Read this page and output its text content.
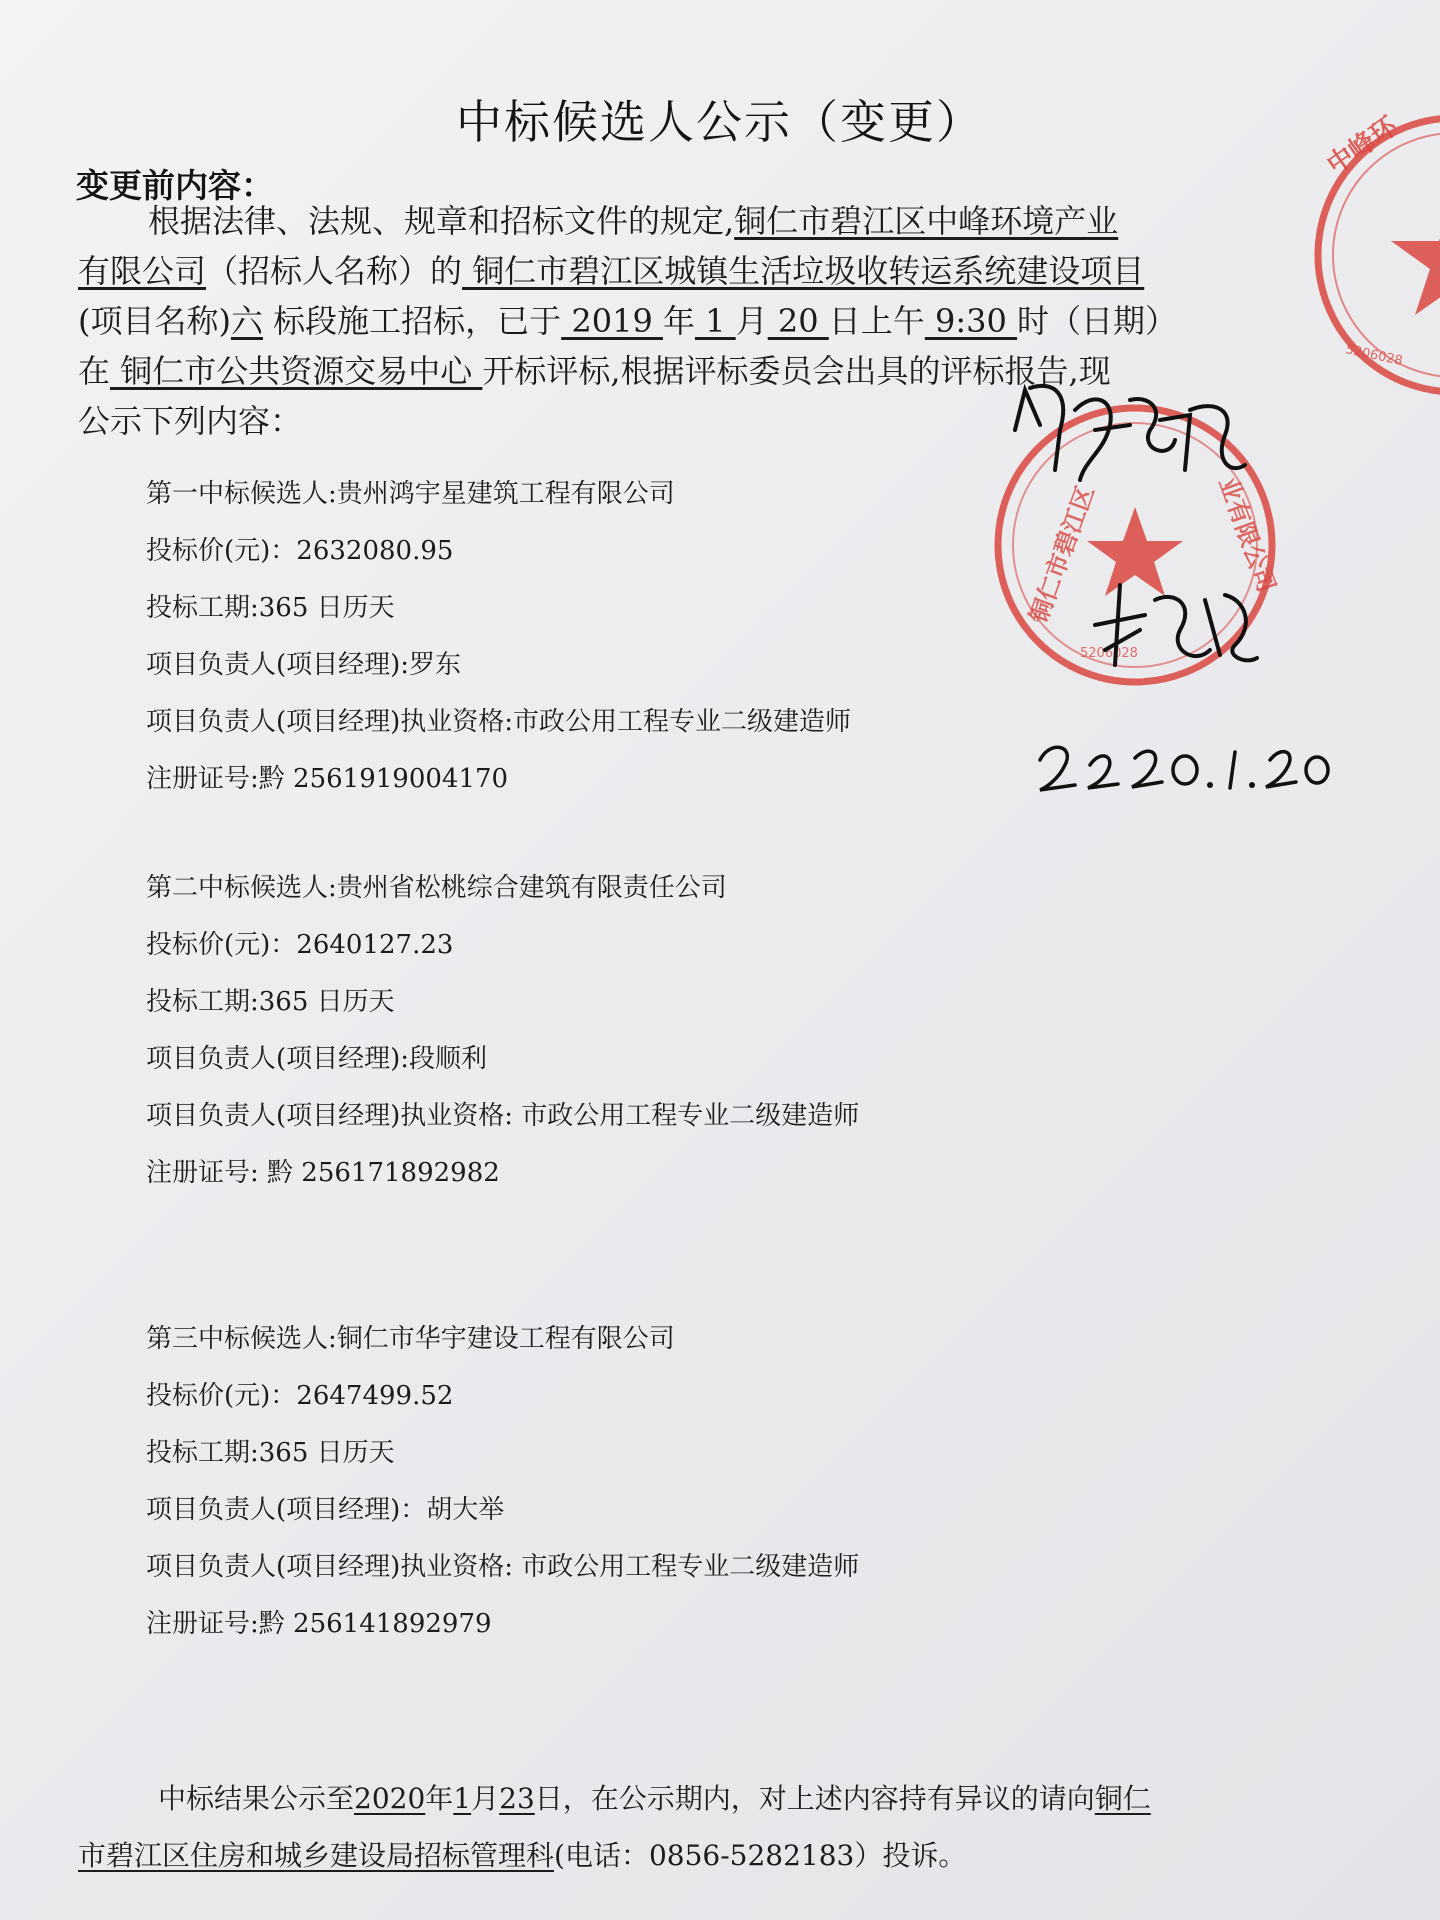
中标候选人公示（变更）
变更前内容：
根据法律、法规、规章和招标文件的规定,铜仁市碧江区中峰环境产业
有限公司（招标人名称）的 铜仁市碧江区城镇生活垃圾收转运系统建设项目
(项目名称)六 标段施工招标，已于 2019 年 1 月 20 日上午 9:30 时（日期）
在 铜仁市公共资源交易中心 开标评标,根据评标委员会出具的评标报告,现
公示下列内容：
第一中标候选人:贵州鸿宇星建筑工程有限公司
投标价(元)：2632080.95
投标工期:365 日历天
项目负责人(项目经理):罗东
项目负责人(项目经理)执业资格:市政公用工程专业二级建造师
注册证号:黔 2561919004170
第二中标候选人:贵州省松桃综合建筑有限责任公司
投标价(元)：2640127.23
投标工期:365 日历天
项目负责人(项目经理):段顺利
项目负责人(项目经理)执业资格: 市政公用工程专业二级建造师
注册证号: 黔 256171892982
第三中标候选人:铜仁市华宇建设工程有限公司
投标价(元)：2647499.52
投标工期:365 日历天
项目负责人(项目经理)：胡大举
项目负责人(项目经理)执业资格: 市政公用工程专业二级建造师
注册证号:黔 256141892979
中标结果公示至2020年1月23日，在公示期内，对上述内容持有异议的请向铜仁
市碧江区住房和城乡建设局招标管理科(电话：0856-5282183）投诉。
中峰环
5206028
铜仁市碧江区	业有限公司
5206028
